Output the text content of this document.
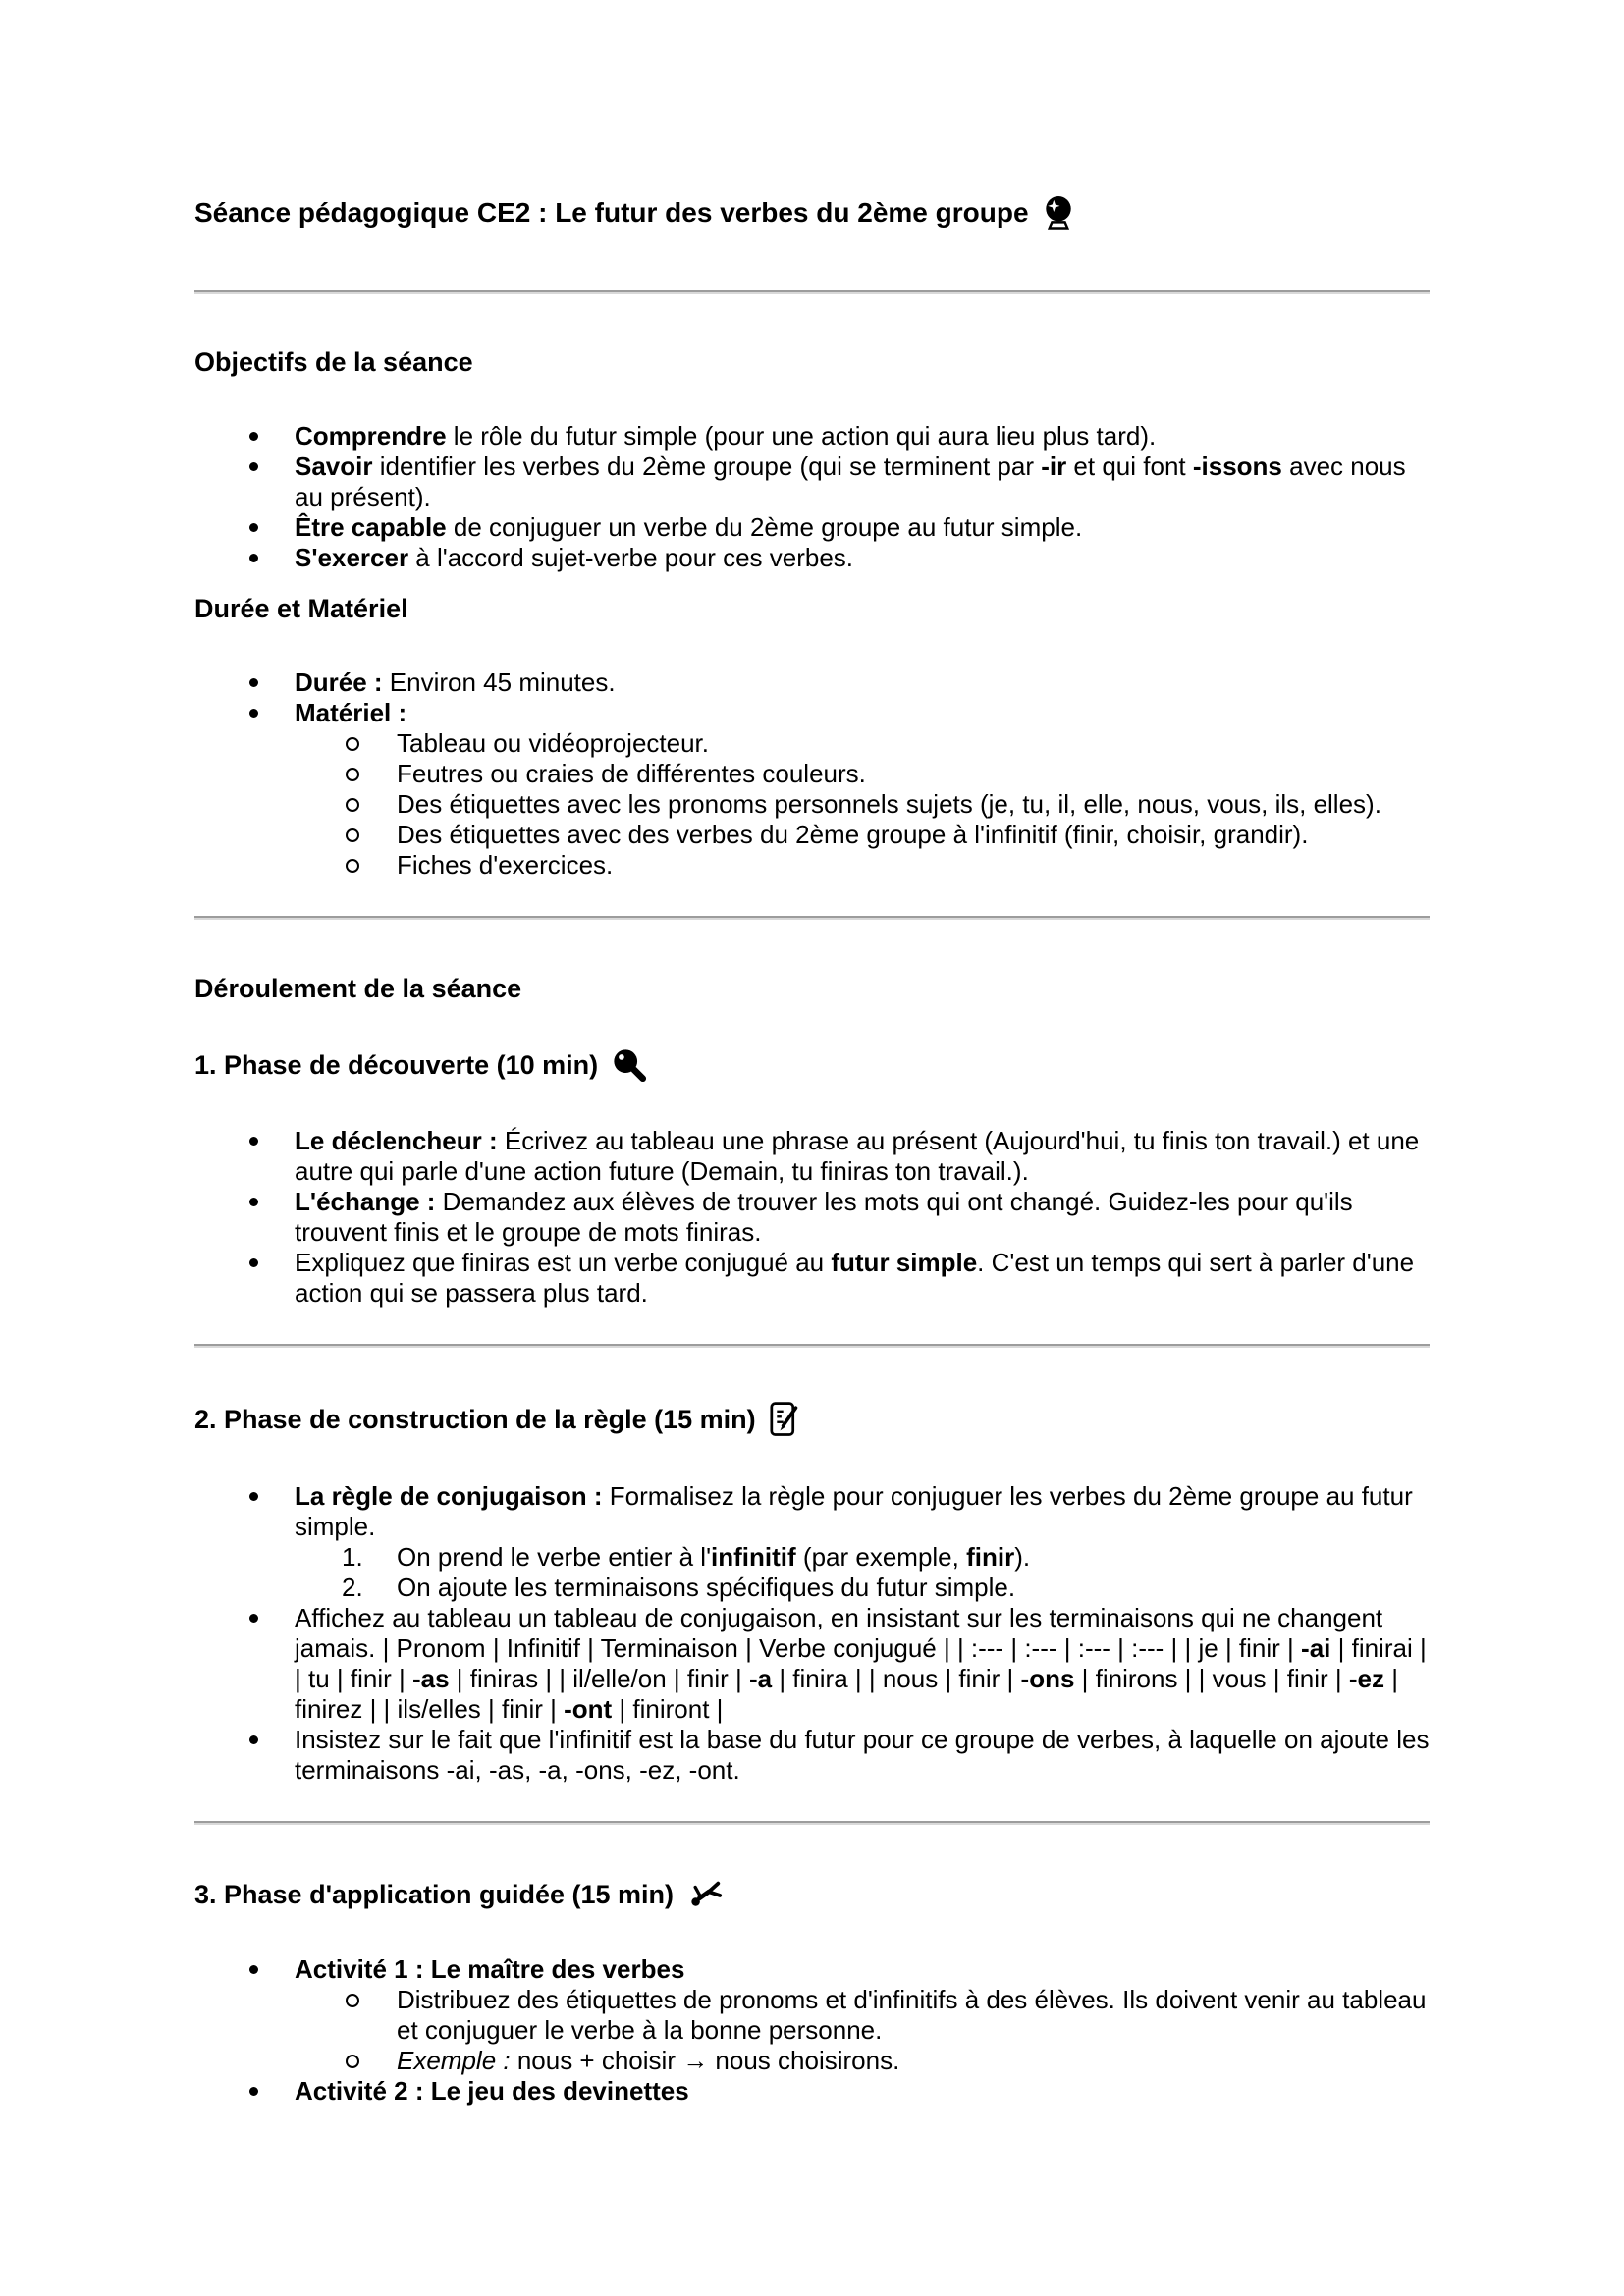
Séance pédagogique CE2 : Le futur des verbes du 2ème groupe
Objectifs de la séance
Comprendre le rôle du futur simple (pour une action qui aura lieu plus tard).
Savoir identifier les verbes du 2ème groupe (qui se terminent par -ir et qui font -issons avec nous au présent).
Être capable de conjuguer un verbe du 2ème groupe au futur simple.
S'exercer à l'accord sujet-verbe pour ces verbes.
Durée et Matériel
Durée : Environ 45 minutes.
Matériel :
Tableau ou vidéoprojecteur.
Feutres ou craies de différentes couleurs.
Des étiquettes avec les pronoms personnels sujets (je, tu, il, elle, nous, vous, ils, elles).
Des étiquettes avec des verbes du 2ème groupe à l'infinitif (finir, choisir, grandir).
Fiches d'exercices.
Déroulement de la séance
1. Phase de découverte (10 min)
Le déclencheur : Écrivez au tableau une phrase au présent (Aujourd'hui, tu finis ton travail.) et une autre qui parle d'une action future (Demain, tu finiras ton travail.).
L'échange : Demandez aux élèves de trouver les mots qui ont changé. Guidez-les pour qu'ils trouvent finis et le groupe de mots finiras.
Expliquez que finiras est un verbe conjugué au futur simple. C'est un temps qui sert à parler d'une action qui se passera plus tard.
2. Phase de construction de la règle (15 min)
La règle de conjugaison : Formalisez la règle pour conjuguer les verbes du 2ème groupe au futur simple.
On prend le verbe entier à l'infinitif (par exemple, finir).
On ajoute les terminaisons spécifiques du futur simple.
Affichez au tableau un tableau de conjugaison, en insistant sur les terminaisons qui ne changent jamais. | Pronom | Infinitif | Terminaison | Verbe conjugué | | :--- | :--- | :--- | :--- | | je | finir | -ai | finirai | | tu | finir | -as | finiras | | il/elle/on | finir | -a | finira | | nous | finir | -ons | finirons | | vous | finir | -ez | finirez | | ils/elles | finir | -ont | finiront |
Insistez sur le fait que l'infinitif est la base du futur pour ce groupe de verbes, à laquelle on ajoute les terminaisons -ai, -as, -a, -ons, -ez, -ont.
3. Phase d'application guidée (15 min)
Activité 1 : Le maître des verbes
Distribuez des étiquettes de pronoms et d'infinitifs à des élèves. Ils doivent venir au tableau et conjuguer le verbe à la bonne personne.
Exemple : nous + choisir → nous choisirons.
Activité 2 : Le jeu des devinettes
